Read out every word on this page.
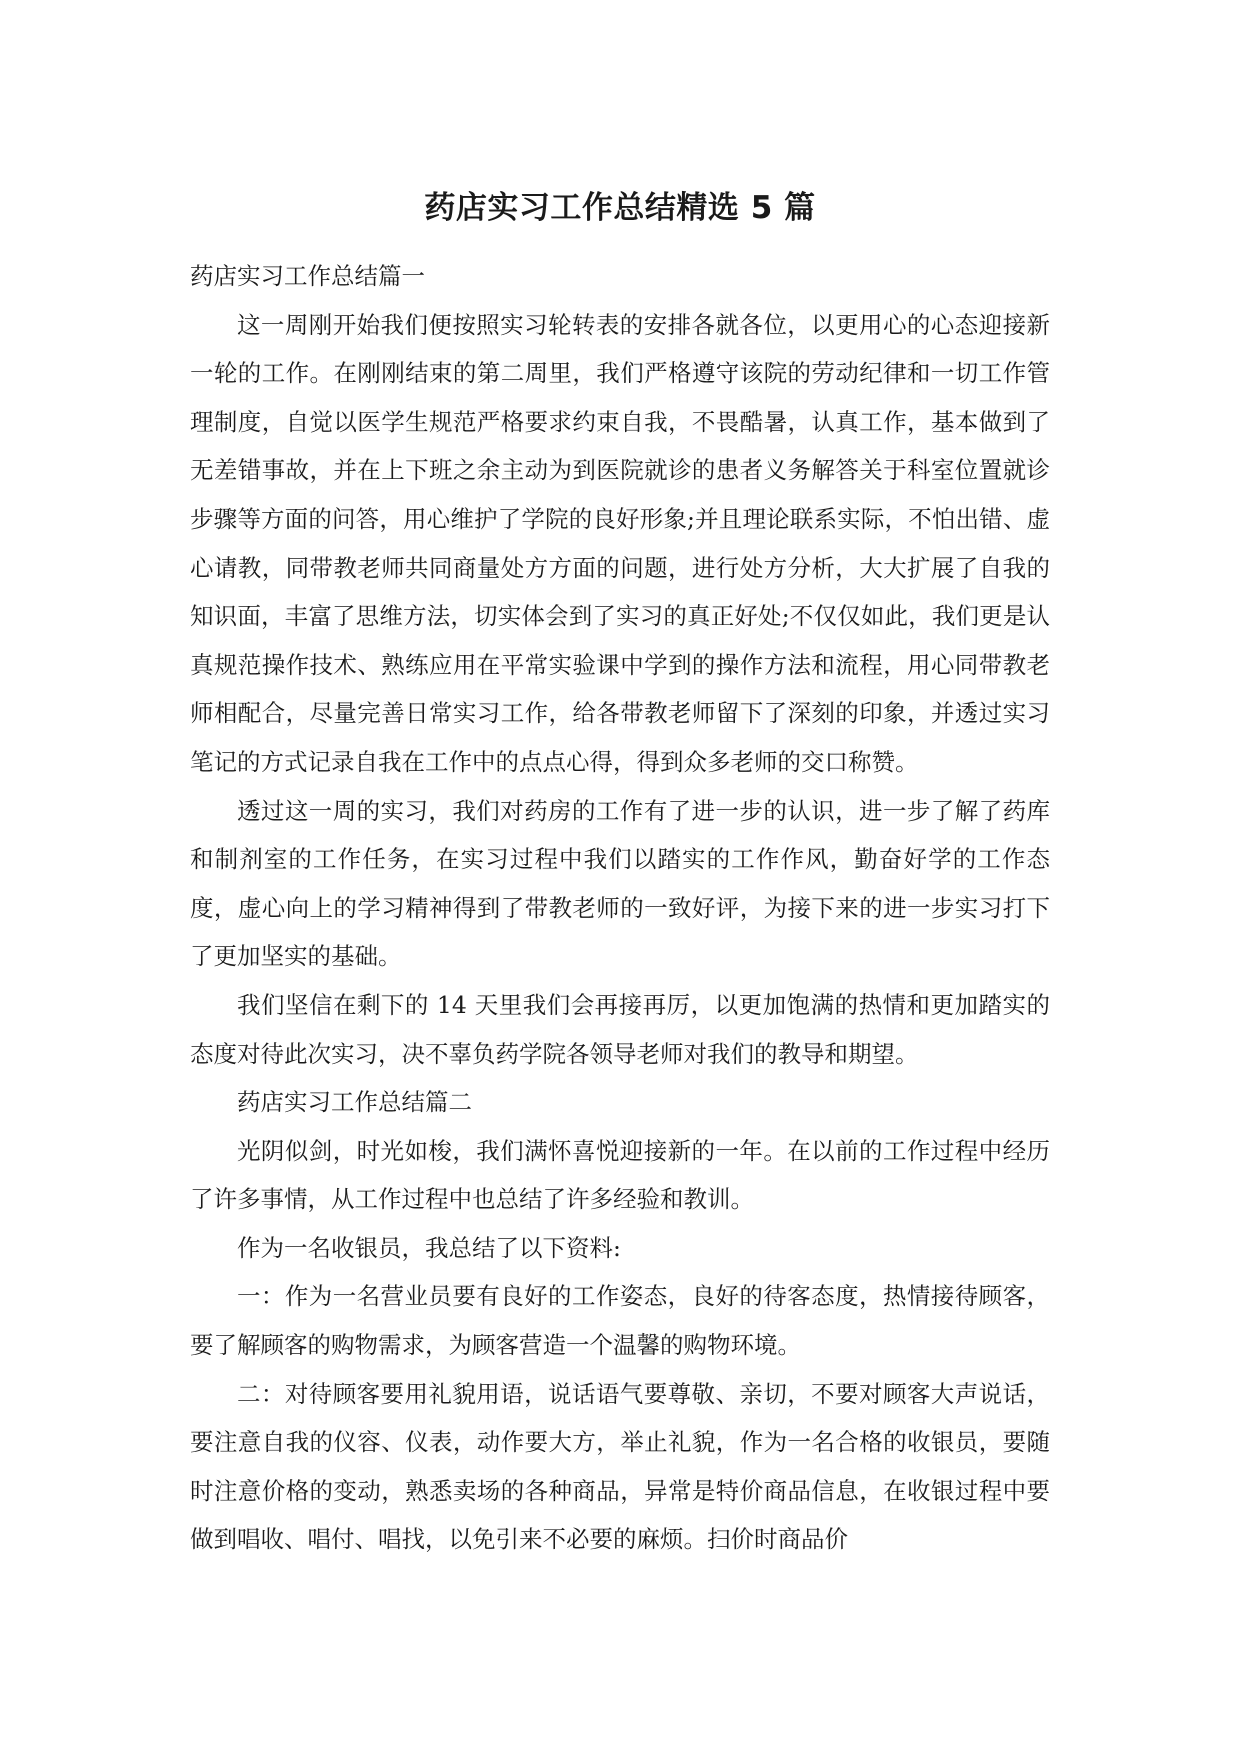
药店实习工作总结精选 5 篇

药店实习工作总结篇一

这一周刚开始我们便按照实习轮转表的安排各就各位，以更用心的心态迎接新一轮的工作。在刚刚结束的第二周里，我们严格遵守该院的劳动纪律和一切工作管理制度，自觉以医学生规范严格要求约束自我，不畏酷暑，认真工作，基本做到了无差错事故，并在上下班之余主动为到医院就诊的患者义务解答关于科室位置就诊步骤等方面的问答，用心维护了学院的良好形象;并且理论联系实际，不怕出错、虚心请教，同带教老师共同商量处方方面的问题，进行处方分析，大大扩展了自我的知识面，丰富了思维方法，切实体会到了实习的真正好处;不仅仅如此，我们更是认真规范操作技术、熟练应用在平常实验课中学到的操作方法和流程，用心同带教老师相配合，尽量完善日常实习工作，给各带教老师留下了深刻的印象，并透过实习笔记的方式记录自我在工作中的点点心得，得到众多老师的交口称赞。

透过这一周的实习，我们对药房的工作有了进一步的认识，进一步了解了药库和制剂室的工作任务，在实习过程中我们以踏实的工作作风，勤奋好学的工作态度，虚心向上的学习精神得到了带教老师的一致好评，为接下来的进一步实习打下了更加坚实的基础。

我们坚信在剩下的 14 天里我们会再接再厉，以更加饱满的热情和更加踏实的态度对待此次实习，决不辜负药学院各领导老师对我们的教导和期望。

药店实习工作总结篇二

光阴似剑，时光如梭，我们满怀喜悦迎接新的一年。在以前的工作过程中经历了许多事情，从工作过程中也总结了许多经验和教训。

作为一名收银员，我总结了以下资料:

一：作为一名营业员要有良好的工作姿态，良好的待客态度，热情接待顾客，要了解顾客的购物需求，为顾客营造一个温馨的购物环境。

二：对待顾客要用礼貌用语，说话语气要尊敬、亲切，不要对顾客大声说话，要注意自我的仪容、仪表，动作要大方，举止礼貌，作为一名合格的收银员，要随时注意价格的变动，熟悉卖场的各种商品，异常是特价商品信息，在收银过程中要做到唱收、唱付、唱找，以免引来不必要的麻烦。扫价时商品价
